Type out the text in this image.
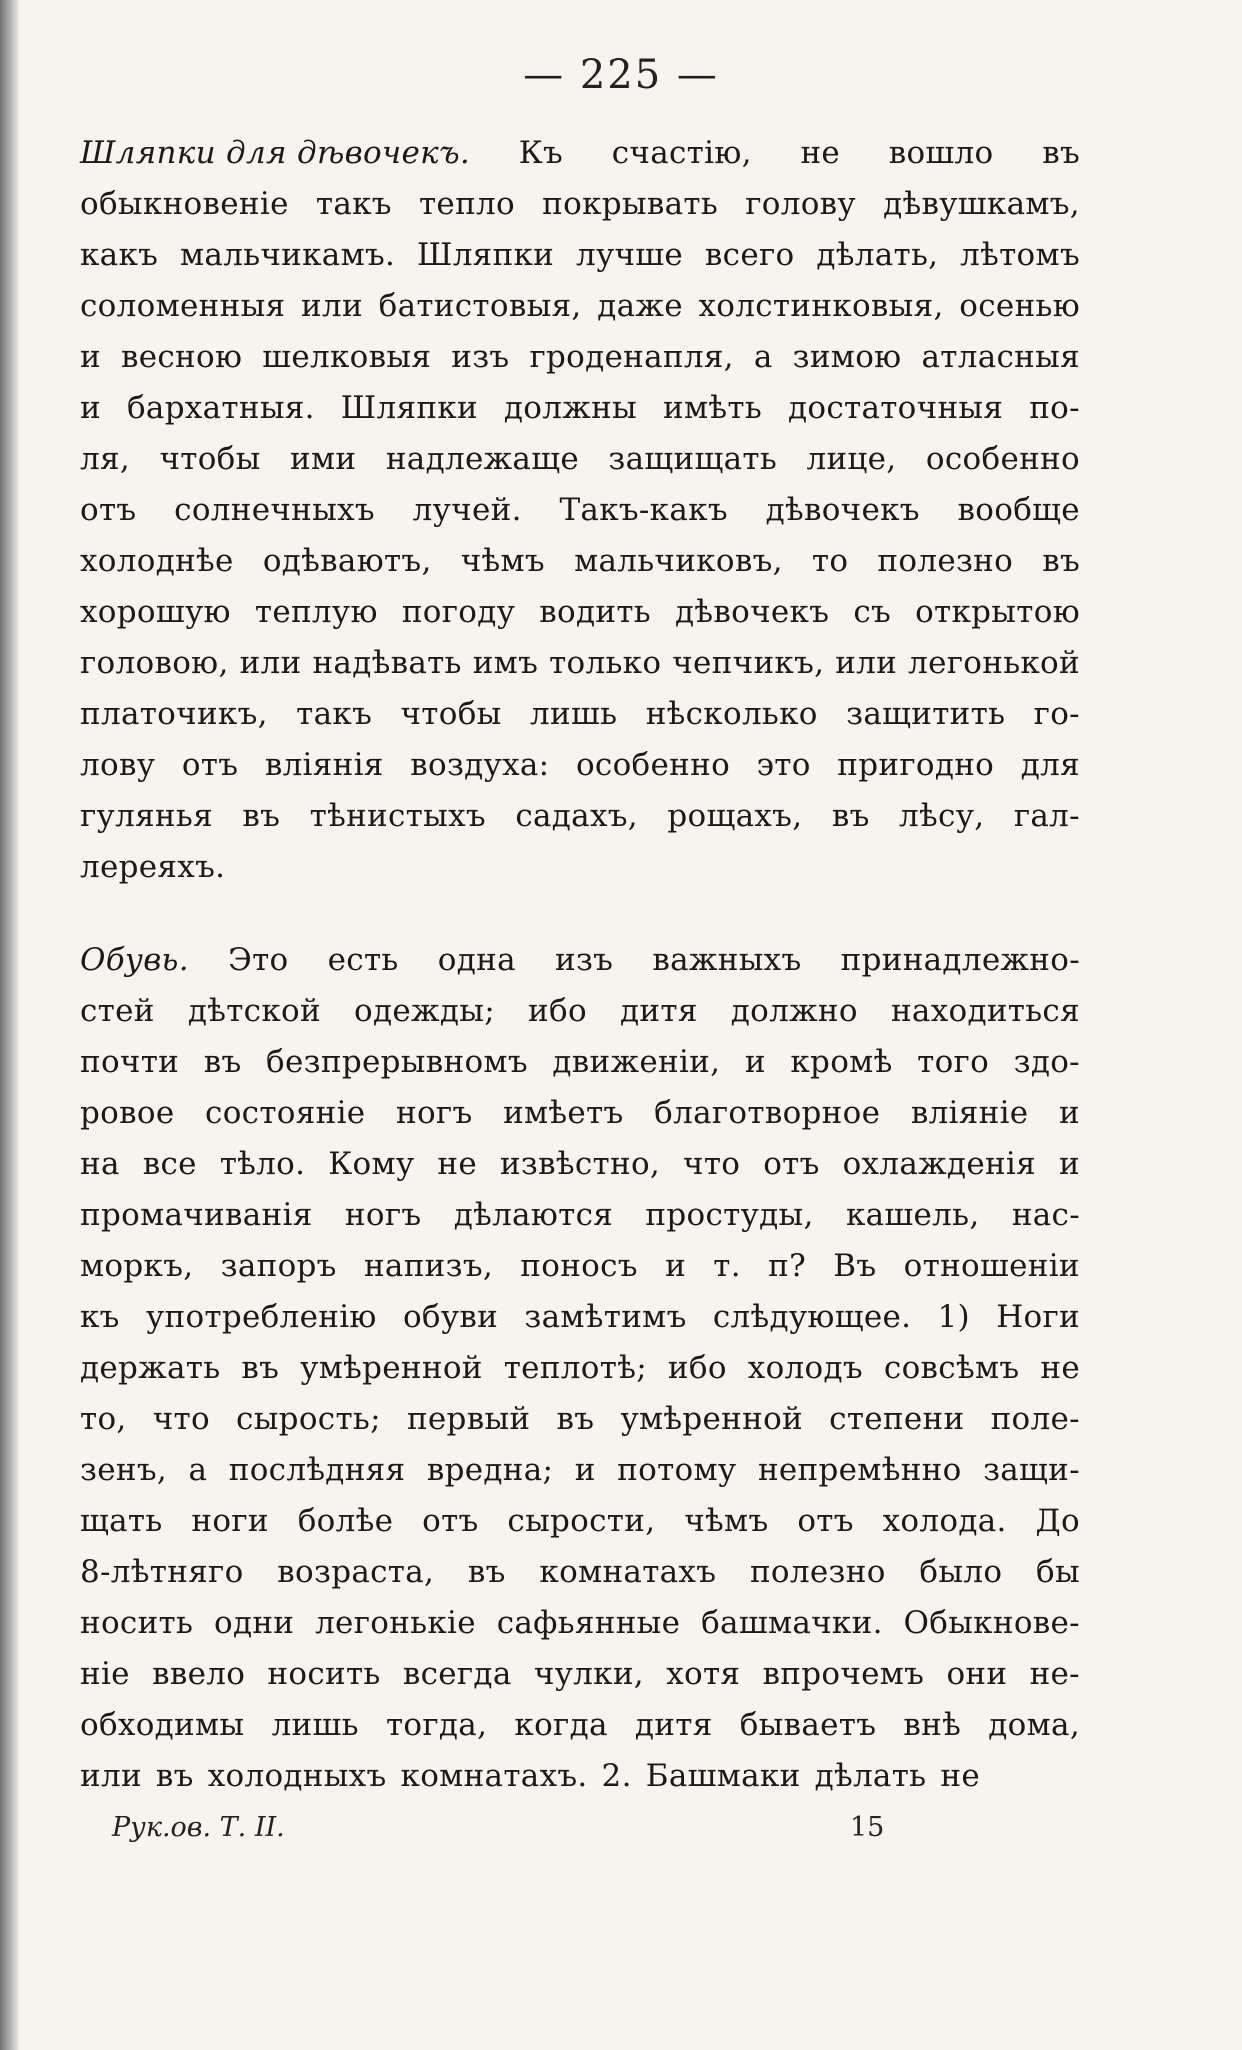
— 225 —
Шляпки для дѣвочекъ. Къ счастію, не вошло въ
обыкновеніе такъ тепло покрывать голову дѣвушкамъ,
какъ мальчикамъ. Шляпки лучше всего дѣлать, лѣтомъ
соломенныя или батистовыя, даже холстинковыя, осенью
и весною шелковыя изъ гроденапля, а зимою атласныя
и бархатныя. Шляпки должны имѣть достаточныя по-
ля, чтобы ими надлежаще защищать лице, особенно
отъ солнечныхъ лучей. Такъ-какъ дѣвочекъ вообще
холоднѣе одѣваютъ, чѣмъ мальчиковъ, то полезно въ
хорошую теплую погоду водить дѣвочекъ съ открытою
головою, или надѣвать имъ только чепчикъ, или легонькой
платочикъ, такъ чтобы лишь нѣсколько защитить го-
лову отъ вліянія воздуха: особенно это пригодно для
гулянья въ тѣнистыхъ садахъ, рощахъ, въ лѣсу, гал-
лереяхъ.
Обувь. Это есть одна изъ важныхъ принадлежно-
стей дѣтской одежды; ибо дитя должно находиться
почти въ безпрерывномъ движеніи, и кромѣ того здо-
ровое состояніе ногъ имѣетъ благотворное вліяніе и
на все тѣло. Кому не извѣстно, что отъ охлажденія и
промачиванія ногъ дѣлаются простуды, кашель, нас-
моркъ, запоръ напизъ, поносъ и т. п? Въ отношеніи
къ употребленію обуви замѣтимъ слѣдующее. 1) Ноги
держать въ умѣренной теплотѣ; ибо холодъ совсѣмъ не
то, что сырость; первый въ умѣренной степени поле-
зенъ, а послѣдняя вредна; и потому непремѣнно защи-
щать ноги болѣе отъ сырости, чѣмъ отъ холода. До
8-лѣтняго возраста, въ комнатахъ полезно было бы
носить одни легонькіе сафьянные башмачки. Обыкнове-
ніе ввело носить всегда чулки, хотя впрочемъ они не-
обходимы лишь тогда, когда дитя бываетъ внѣ дома,
или въ холодныхъ комнатахъ. 2. Башмаки дѣлать не
Рук.ов. Т. II.	15
